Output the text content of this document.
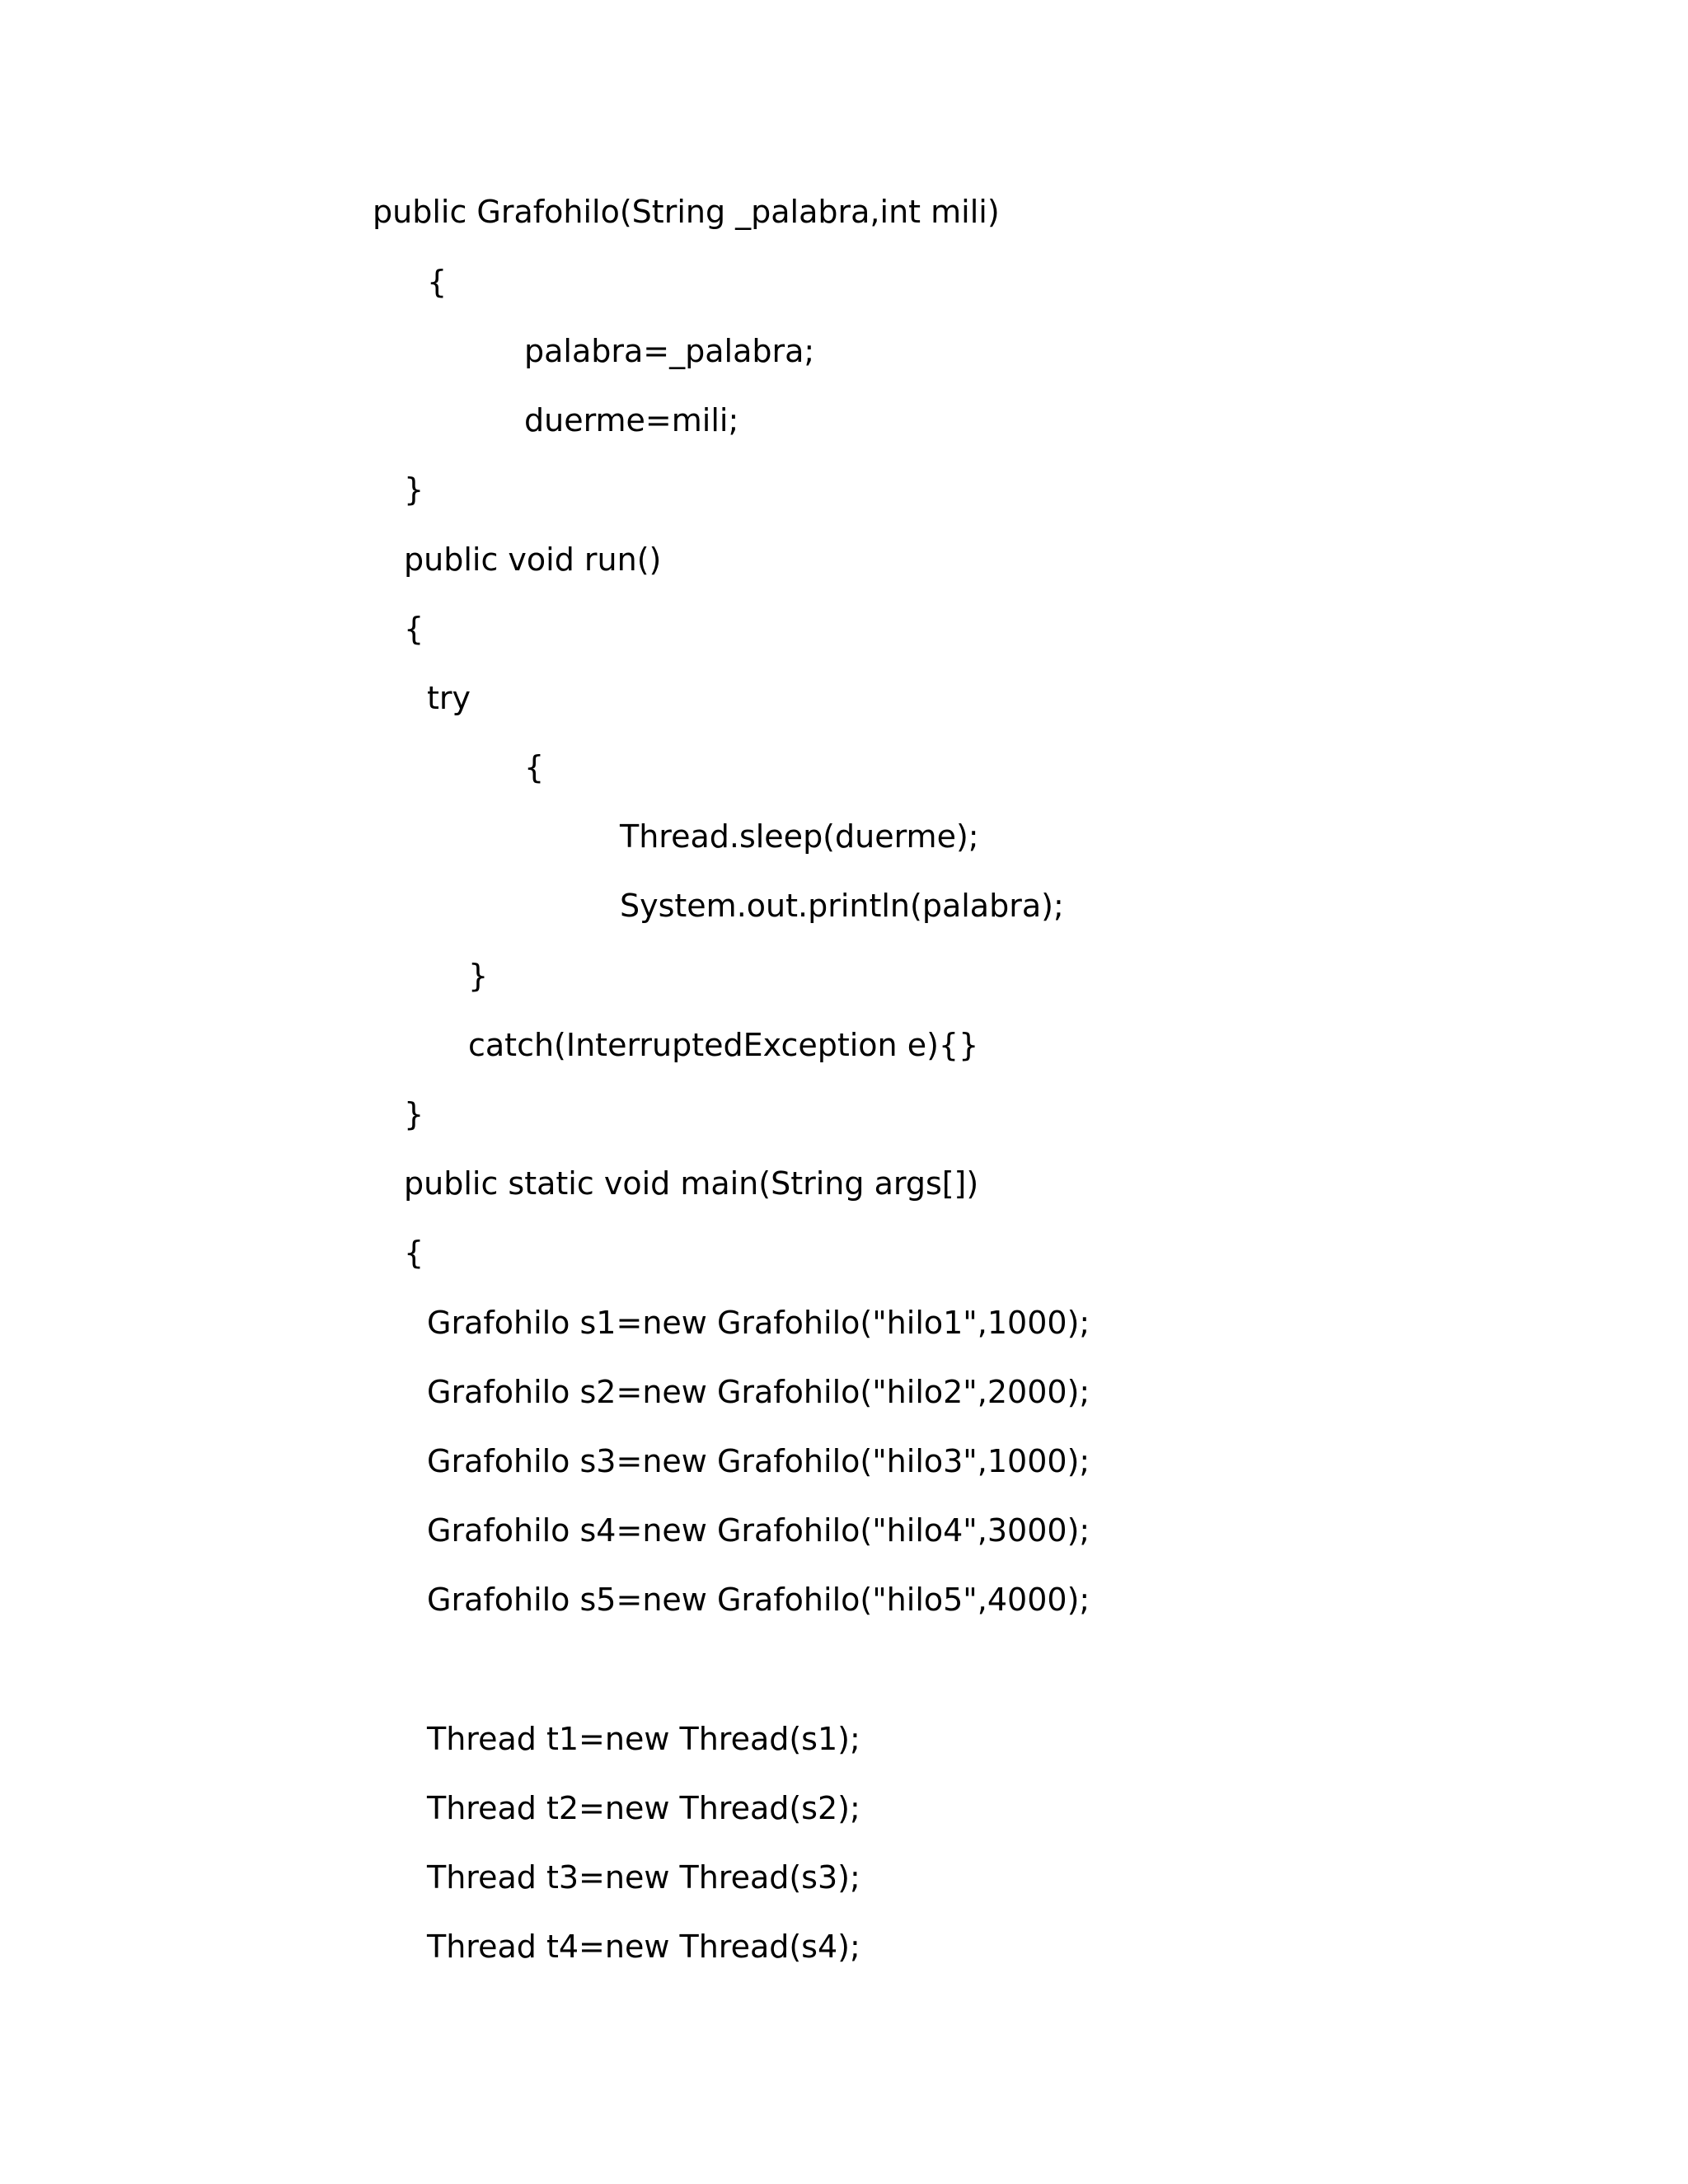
public Grafohilo(String _palabra,int mili)
{
palabra=_palabra;
duerme=mili;
}
public void run()
{
try
{
Thread.sleep(duerme);
System.out.println(palabra);
}
catch(InterruptedException e){}
}
public static void main(String args[])
{
Grafohilo s1=new Grafohilo("hilo1",1000);
Grafohilo s2=new Grafohilo("hilo2",2000);
Grafohilo s3=new Grafohilo("hilo3",1000);
Grafohilo s4=new Grafohilo("hilo4",3000);
Grafohilo s5=new Grafohilo("hilo5",4000);
Thread t1=new Thread(s1);
Thread t2=new Thread(s2);
Thread t3=new Thread(s3);
Thread t4=new Thread(s4);
